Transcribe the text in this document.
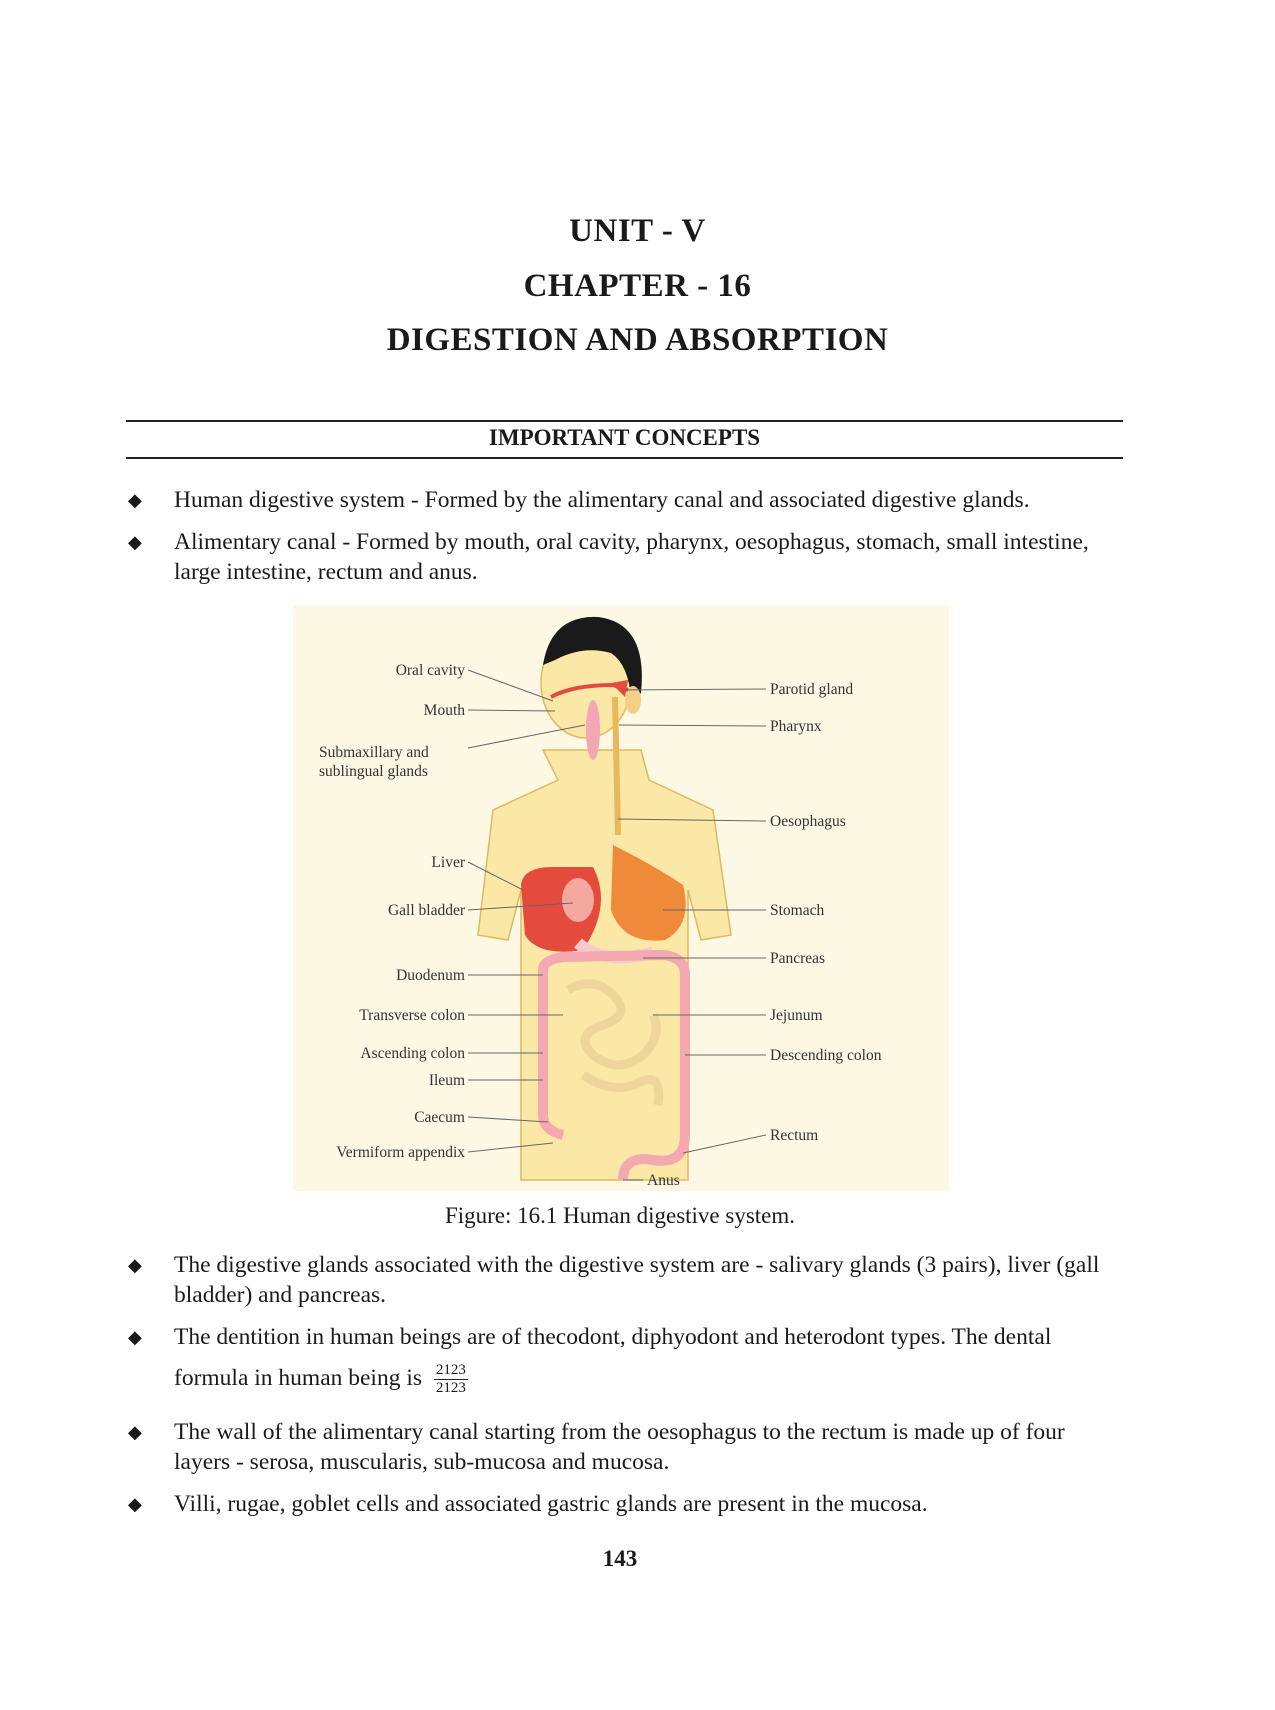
UNIT - V
CHAPTER - 16
DIGESTION AND ABSORPTION
IMPORTANT CONCEPTS
◆ Human digestive system - Formed by the alimentary canal and associated digestive glands.
◆ Alimentary canal - Formed by mouth, oral cavity, pharynx, oesophagus, stomach, small intestine, large intestine, rectum and anus.
Oral cavity
Mouth
Submaxillary and
sublingual glands
Liver
Gall bladder
Duodenum
Transverse colon
Ascending colon
Ileum
Caecum
Vermiform appendix
Parotid gland
Pharynx
Oesophagus
Stomach
Pancreas
Jejunum
Descending colon
Rectum
Anus
Figure: 16.1 Human digestive system.
◆ The digestive glands associated with the digestive system are - salivary glands (3 pairs), liver (gall bladder) and pancreas.
◆ The dentition in human beings are of thecodont, diphyodont and heterodont types. The dental
formula in human being is $\frac{2123}{2123}$
◆ The wall of the alimentary canal starting from the oesophagus to the rectum is made up of four layers - serosa, muscularis, sub-mucosa and mucosa.
◆ Villi, rugae, goblet cells and associated gastric glands are present in the mucosa.
143
